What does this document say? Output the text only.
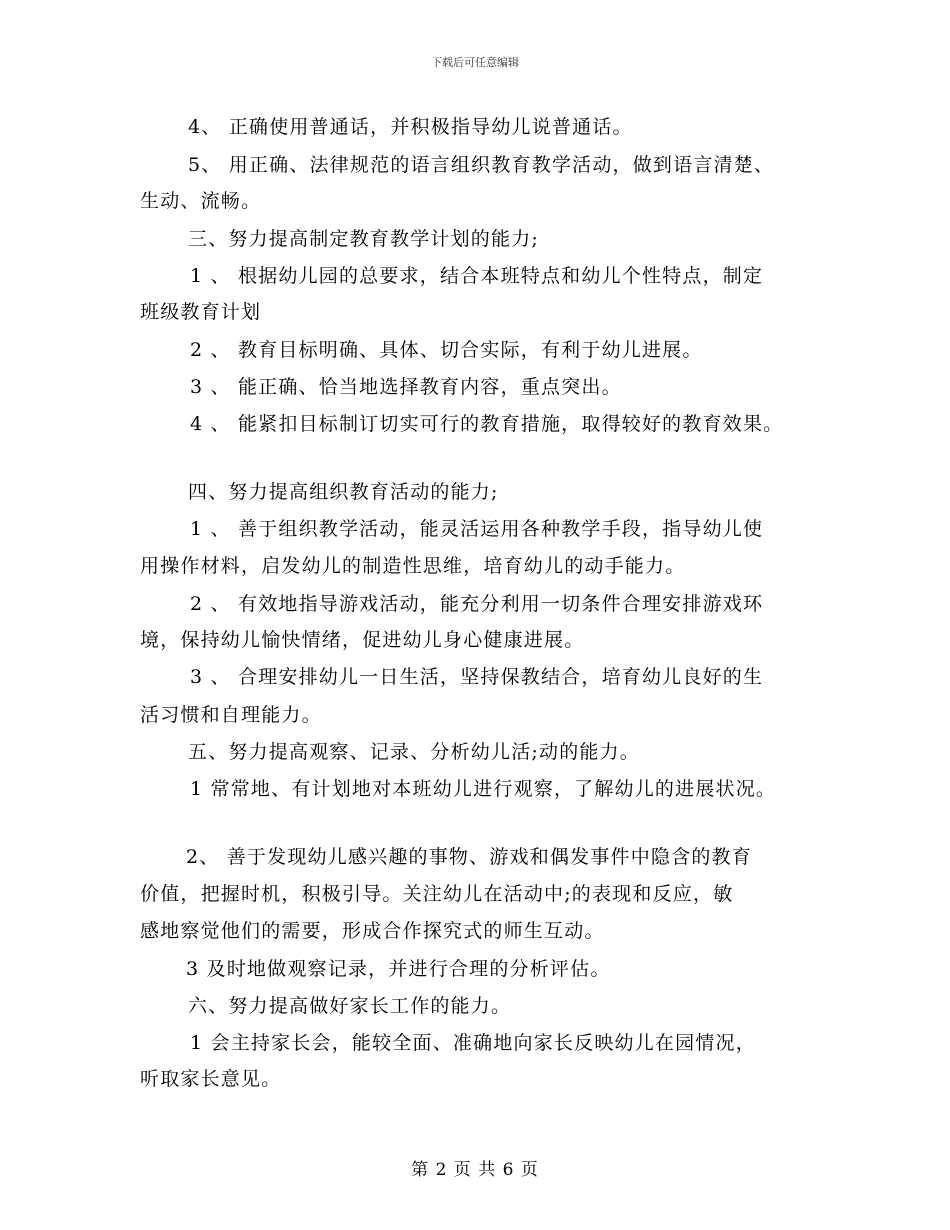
下载后可任意编辑
4、 正确使用普通话，并积极指导幼儿说普通话。
5、 用正确、法律规范的语言组织教育教学活动，做到语言清楚、
生动、流畅。
三、努力提高制定教育教学计划的能力;
1 、 根据幼儿园的总要求，结合本班特点和幼儿个性特点，制定
班级教育计划
2 、 教育目标明确、具体、切合实际，有利于幼儿进展。
3 、 能正确、恰当地选择教育内容，重点突出。
4 、 能紧扣目标制订切实可行的教育措施，取得较好的教育效果。
四、努力提高组织教育活动的能力;
1 、 善于组织教学活动，能灵活运用各种教学手段，指导幼儿使
用操作材料，启发幼儿的制造性思维，培育幼儿的动手能力。
2 、 有效地指导游戏活动，能充分利用一切条件合理安排游戏环
境，保持幼儿愉快情绪，促进幼儿身心健康进展。
3 、 合理安排幼儿一日生活，坚持保教结合，培育幼儿良好的生
活习惯和自理能力。
五、努力提高观察、记录、分析幼儿活;动的能力。
1 常常地、有计划地对本班幼儿进行观察，了解幼儿的进展状况。
2、 善于发现幼儿感兴趣的事物、游戏和偶发事件中隐含的教育
价值，把握时机，积极引导。关注幼儿在活动中;的表现和反应，敏
感地察觉他们的需要，形成合作探究式的师生互动。
3 及时地做观察记录，并进行合理的分析评估。
六、努力提高做好家长工作的能力。
1 会主持家长会，能较全面、准确地向家长反映幼儿在园情况，
听取家长意见。
第 2 页 共 6 页
